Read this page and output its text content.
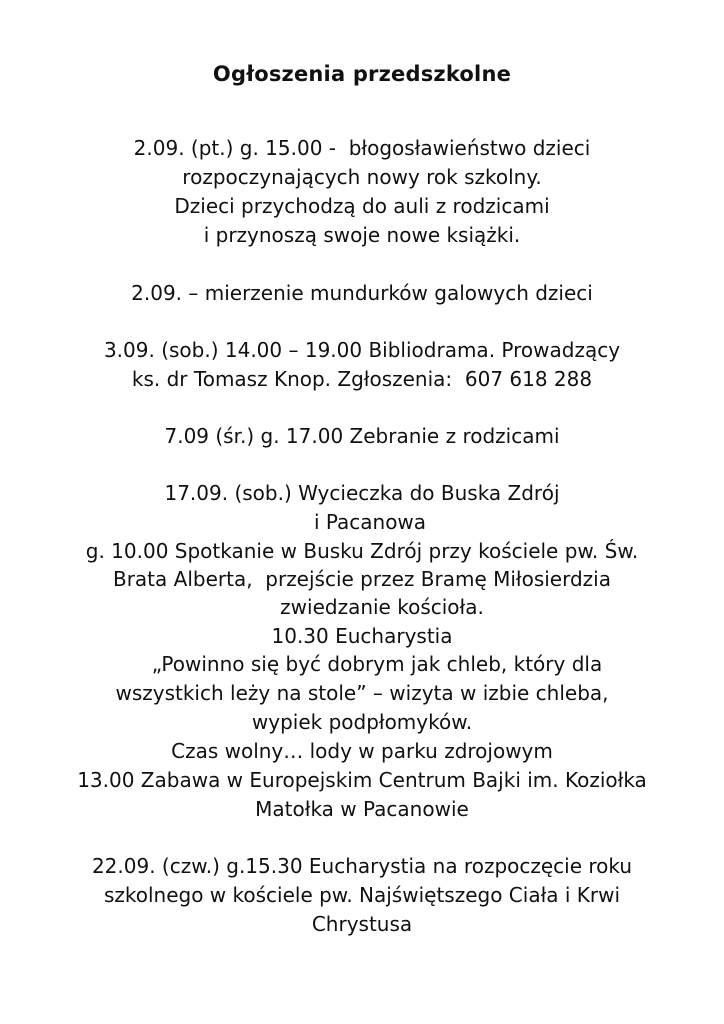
Ogłoszenia przedszkolne
2.09. (pt.) g. 15.00 -  błogosławieństwo dzieci
rozpoczynających nowy rok szkolny.
Dzieci przychodzą do auli z rodzicami
i przynoszą swoje nowe książki.
2.09. – mierzenie mundurków galowych dzieci
3.09. (sob.) 14.00 – 19.00 Bibliodrama. Prowadzący
ks. dr Tomasz Knop. Zgłoszenia:  607 618 288
7.09 (śr.) g. 17.00 Zebranie z rodzicami
17.09. (sob.) Wycieczka do Buska Zdrój
i Pacanowa
g. 10.00 Spotkanie w Busku Zdrój przy kościele pw. Św.
Brata Alberta,  przejście przez Bramę Miłosierdzia
zwiedzanie kościoła.
10.30 Eucharystia
„Powinno się być dobrym jak chleb, który dla
wszystkich leży na stole” – wizyta w izbie chleba,
wypiek podpłomyków.
Czas wolny… lody w parku zdrojowym
13.00 Zabawa w Europejskim Centrum Bajki im. Koziołka
Matołka w Pacanowie
22.09. (czw.) g.15.30 Eucharystia na rozpoczęcie roku
szkolnego w kościele pw. Najświętszego Ciała i Krwi
Chrystusa
